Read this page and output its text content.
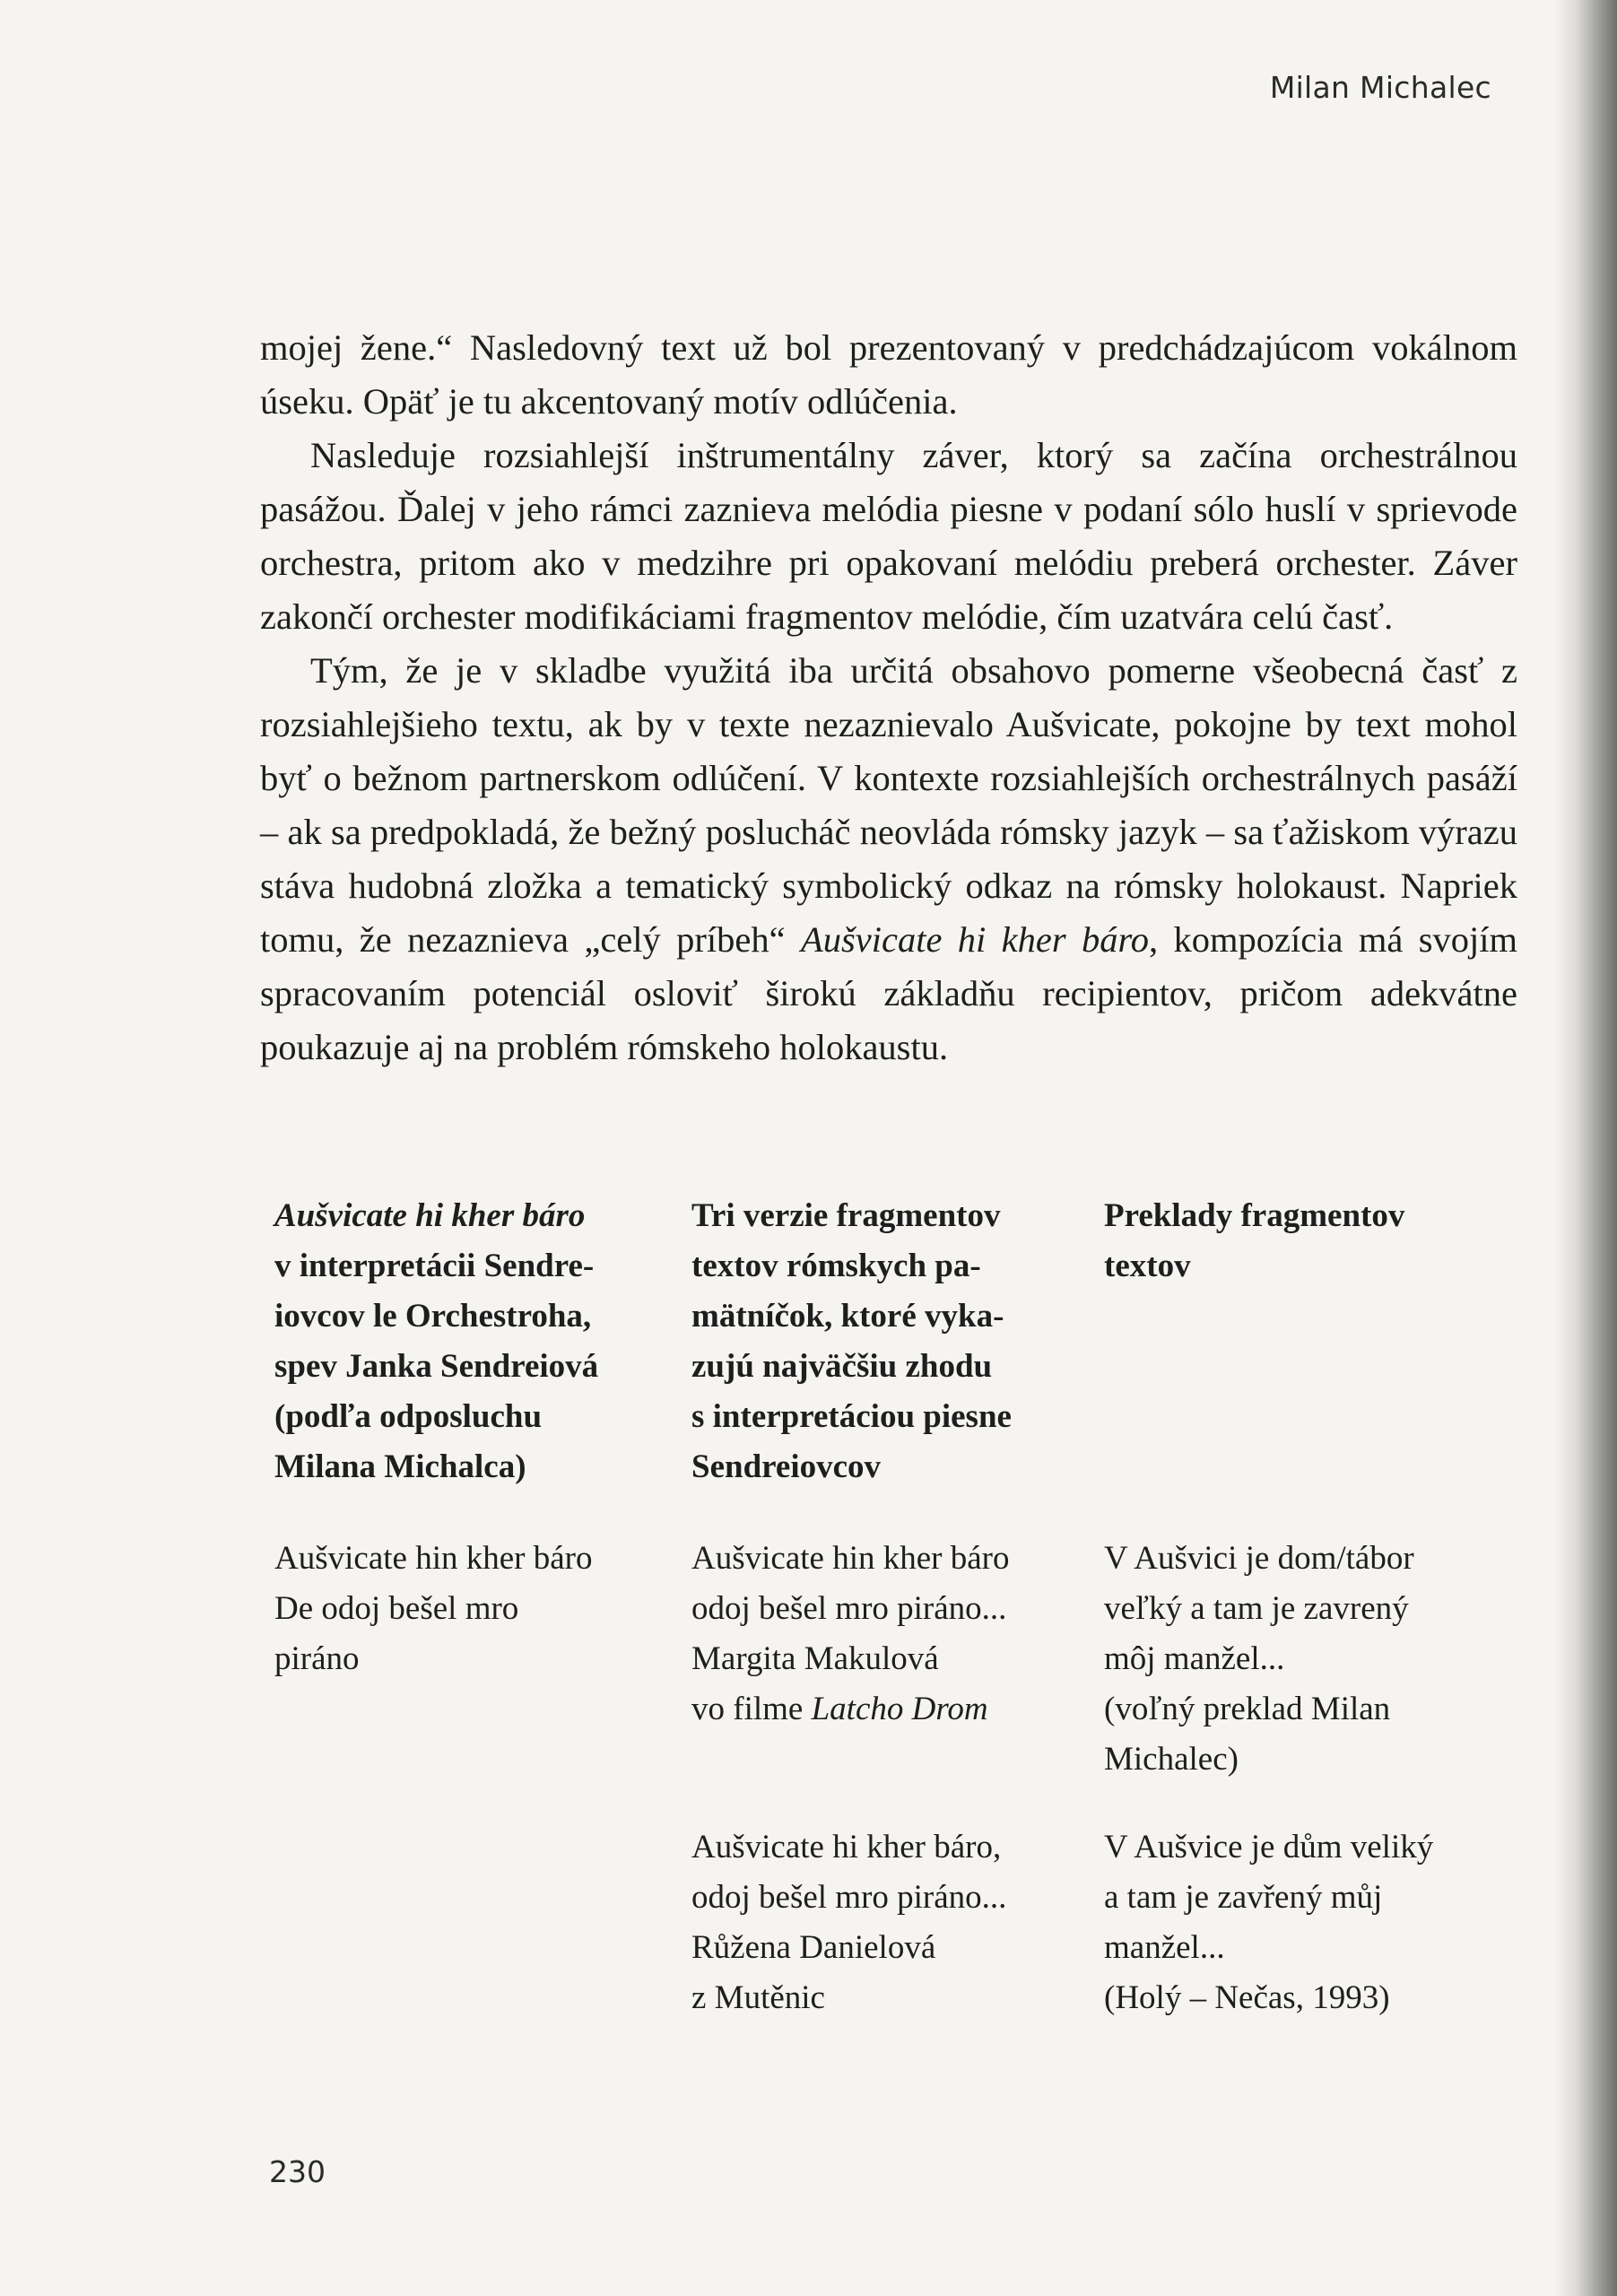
Milan Michalec

mojej žene.“ Nasledovný text už bol prezentovaný v predchádzajúcom vokálnom úseku. Opäť je tu akcentovaný motív odlúčenia.

Nasleduje rozsiahlejší inštrumentálny záver, ktorý sa začína orchestrálnou pasážou. Ďalej v jeho rámci zaznieva melódia piesne v podaní sólo huslí v sprievode orchestra, pritom ako v medzihre pri opakovaní melódiu preberá orchester. Záver zakončí orchester modifikáciami fragmentov melódie, čím uzatvára celú časť.

Tým, že je v skladbe využitá iba určitá obsahovo pomerne všeobecná časť z rozsiahlejšieho textu, ak by v texte nezaznievalo Aušvicate, pokojne by text mohol byť o bežnom partnerskom odlúčení. V kontexte rozsiahlejších orchestrálnych pasáží – ak sa predpokladá, že bežný poslucháč neovláda rómsky jazyk – sa ťažiskom výrazu stáva hudobná zložka a tematický symbolický odkaz na rómsky holokaust. Napriek tomu, že nezaznieva „celý príbeh“ Aušvicate hi kher báro, kompozícia má svojím spracovaním potenciál osloviť širokú základňu recipientov, pričom adekvátne poukazuje aj na problém rómskeho holokaustu.

Aušvicate hi kher báro
v interpretácii Sendre-
iovcov le Orchestroha,
spev Janka Sendreiová
(podľa odposluchu
Milana Michalca)
Tri verzie fragmentov
textov rómskych pa-
mätníčok, ktoré vyka-
zujú najväčšiu zhodu
s interpretáciou piesne
Sendreiovcov
Preklady fragmentov
textov
Aušvicate hin kher báro
De odoj bešel mro
piráno
Aušvicate hin kher báro
odoj bešel mro piráno...
Margita Makulová
vo filme Latcho Drom
V Aušvici je dom/tábor
veľký a tam je zavrený
môj manžel...
(voľný preklad Milan
Michalec)
Aušvicate hi kher báro,
odoj bešel mro piráno...
Růžena Danielová
z Mutěnic
V Aušvice je dům veliký
a tam je zavřený můj
manžel...
(Holý – Nečas, 1993)
230
